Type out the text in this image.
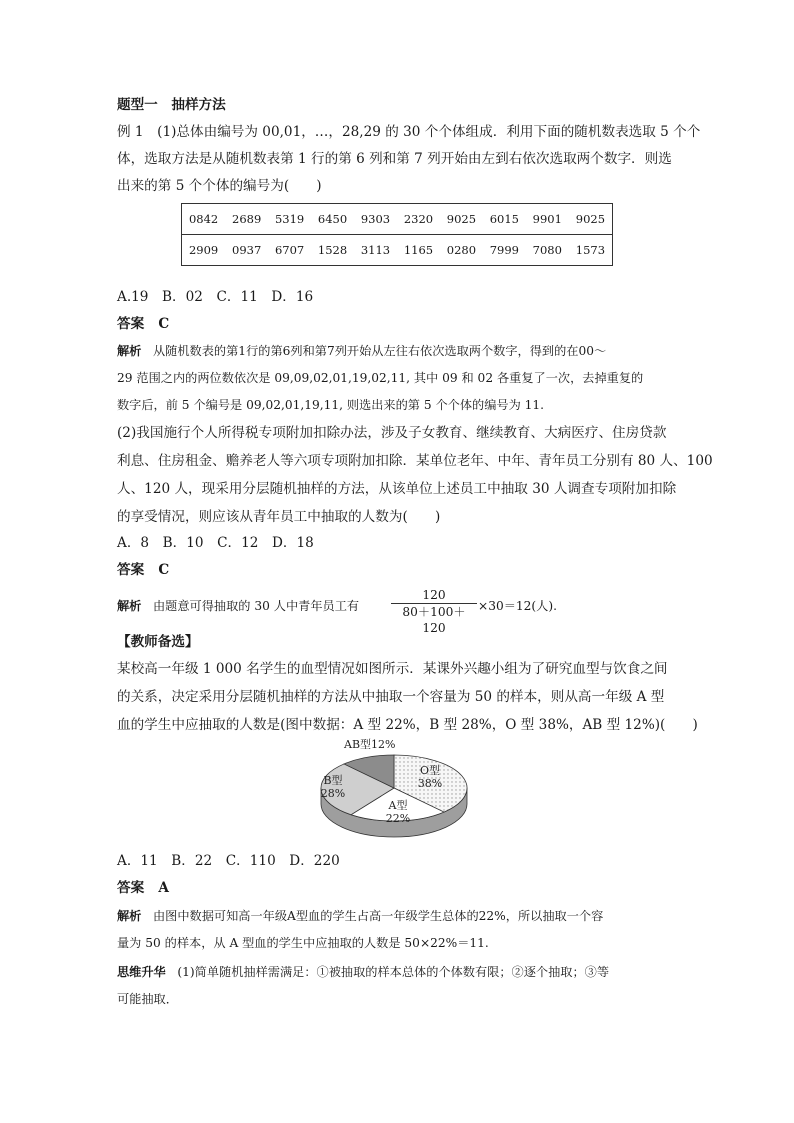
题型一　抽样方法
例 1　(1)总体由编号为 00,01，…，28,29 的 30 个个体组成．利用下面的随机数表选取 5 个个
体，选取方法是从随机数表第 1 行的第 6 列和第 7 列开始由左到右依次选取两个数字．则选
出来的第 5 个个体的编号为(　　)
0842	2689	5319	6450	9303	2320	9025	6015	9901	9025
2909	0937	6707	1528	3113	1165	0280	7999	7080	1573
A.19　B．02　C．11　D．16
答案 C
解析 从随机数表的第1行的第6列和第7列开始从左往右依次选取两个数字，得到的在00～
29 范围之内的两位数依次是 09,09,02,01,19,02,11, 其中 09 和 02 各重复了一次，去掉重复的
数字后，前 5 个编号是 09,02,01,19,11, 则选出来的第 5 个个体的编号为 11.
(2)我国施行个人所得税专项附加扣除办法，涉及子女教育、继续教育、大病医疗、住房贷款
利息、住房租金、赡养老人等六项专项附加扣除．某单位老年、中年、青年员工分别有 80 人、100
人、120 人，现采用分层随机抽样的方法，从该单位上述员工中抽取 30 人调查专项附加扣除
的享受情况，则应该从青年员工中抽取的人数为(　　)
A．8　B．10　C．12　D．18
答案 C
解析 由题意可得抽取的 30 人中青年员工有	$\frac{120}{80+100+120} \times 30=12$(人).
【教师备选】
某校高一年级 1 000 名学生的血型情况如图所示．某课外兴趣小组为了研究血型与饮食之间
的关系，决定采用分层随机抽样的方法从中抽取一个容量为 50 的样本，则从高一年级 A 型
血的学生中应抽取的人数是(图中数据：A 型 22%，B 型 28%，O 型 38%，AB 型 12%)(　　)
O型
38%
A型
22%
B型
28%
AB型12%
A．11　B．22　C．110　D．220
答案 A
解析 由图中数据可知高一年级A型血的学生占高一年级学生总体的22%，所以抽取一个容
量为 50 的样本，从 A 型血的学生中应抽取的人数是 50×22%＝11.
思维升华 (1)简单随机抽样需满足：①被抽取的样本总体的个体数有限；②逐个抽取；③等
可能抽取．
